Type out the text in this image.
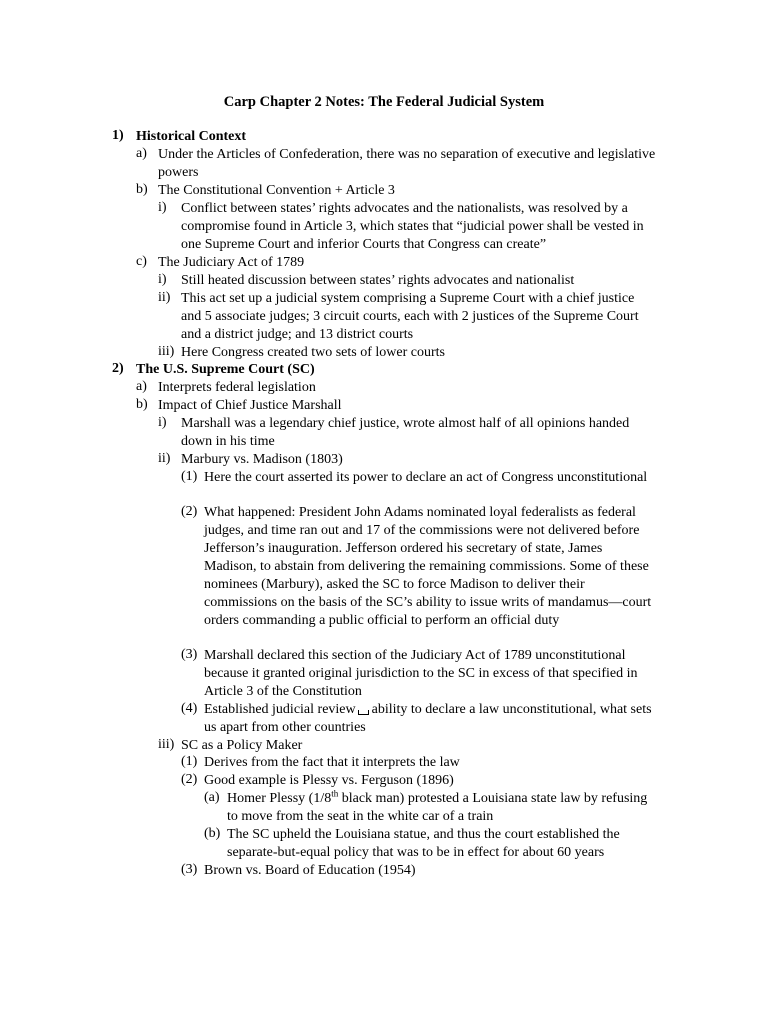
Carp Chapter 2 Notes: The Federal Judicial System
1) Historical Context
a) Under the Articles of Confederation, there was no separation of executive and legislative powers
b) The Constitutional Convention + Article 3
i) Conflict between states’ rights advocates and the nationalists, was resolved by a compromise found in Article 3, which states that “judicial power shall be vested in one Supreme Court and inferior Courts that Congress can create”
c) The Judiciary Act of 1789
i) Still heated discussion between states’ rights advocates and nationalist
ii) This act set up a judicial system comprising a Supreme Court with a chief justice and 5 associate judges; 3 circuit courts, each with 2 justices of the Supreme Court and a district judge; and 13 district courts
iii) Here Congress created two sets of lower courts
2) The U.S. Supreme Court (SC)
a) Interprets federal legislation
b) Impact of Chief Justice Marshall
i) Marshall was a legendary chief justice, wrote almost half of all opinions handed down in his time
ii) Marbury vs. Madison (1803)
(1) Here the court asserted its power to declare an act of Congress unconstitutional
(2) What happened: President John Adams nominated loyal federalists as federal judges, and time ran out and 17 of the commissions were not delivered before Jefferson’s inauguration. Jefferson ordered his secretary of state, James Madison, to abstain from delivering the remaining commissions. Some of these nominees (Marbury), asked the SC to force Madison to deliver their commissions on the basis of the SC’s ability to issue writs of mandamus—court orders commanding a public official to perform an official duty
(3) Marshall declared this section of the Judiciary Act of 1789 unconstitutional because it granted original jurisdiction to the SC in excess of that specified in Article 3 of the Constitution
(4) Established judicial review ability to declare a law unconstitutional, what sets us apart from other countries
iii) SC as a Policy Maker
(1) Derives from the fact that it interprets the law
(2) Good example is Plessy vs. Ferguson (1896)
(a) Homer Plessy (1/8th black man) protested a Louisiana state law by refusing to move from the seat in the white car of a train
(b) The SC upheld the Louisiana statue, and thus the court established the separate-but-equal policy that was to be in effect for about 60 years
(3) Brown vs. Board of Education (1954)
